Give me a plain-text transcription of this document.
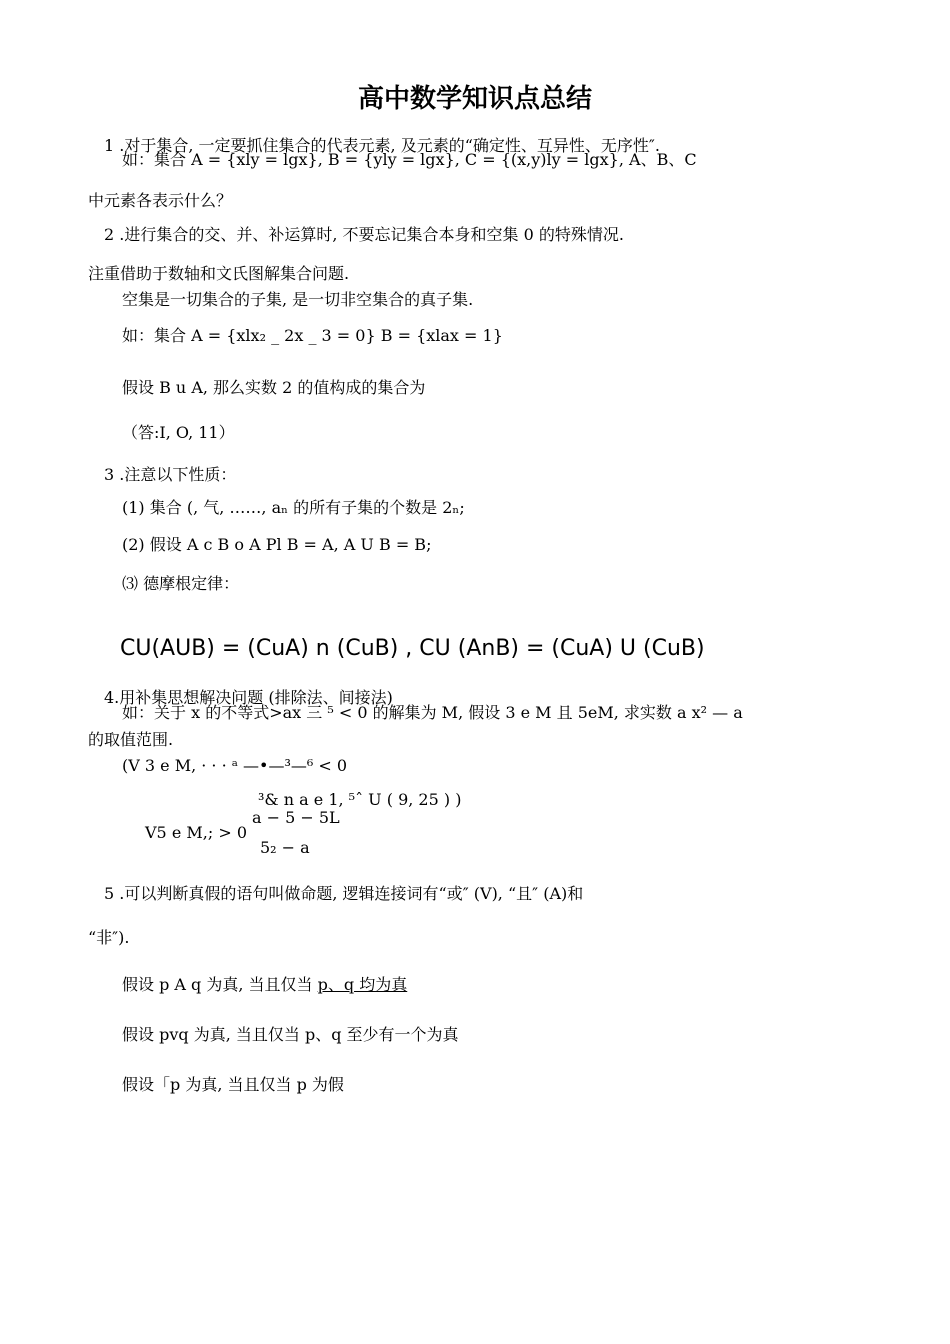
高中数学知识点总结
1 .对于集合, 一定要抓住集合的代表元素, 及元素的“确定性、互异性、无序性″.
如：集合 A = {xly = lgx}, B = {yly = lgx}, C = {(x,y)ly = lgx}, A、B、C
中元素各表示什么？
2 .进行集合的交、并、补运算时, 不要忘记集合本身和空集 0 的特殊情况.
注重借助于数轴和文氏图解集合问题.
空集是一切集合的子集, 是一切非空集合的真子集.
如：集合 A = {xlx₂ _ 2x _ 3 = 0} B = {xlax = 1}
假设 B u A, 那么实数 2 的值构成的集合为
（答:I, O, 11）
3 .注意以下性质：
(1) 集合 (, 气, ……, aₙ 的所有子集的个数是 2ₙ;
(2) 假设 A c B o A Pl B = A, A U B = B;
⑶ 德摩根定律：
CU(AUB) = (CuA) n (CuB) , CU (AnB) = (CuA) U (CuB)
4.用补集思想解决问题 (排除法、间接法)
如：关于 x 的不等式>ax 三 ⁵ < 0 的解集为 M, 假设 3 e M 且 5eM, 求实数 a x² — a
的取值范围.
(V 3 e M, · · · ᵃ —•—³—⁶ < 0
³& n a e 1, ⁵ˆ U ( 9, 25 ) )
a − 5 − 5L
V5 e M,; > 0
5₂ − a
5 .可以判断真假的语句叫做命题, 逻辑连接词有“或″ (V), “且″ (A)和
“非″).
假设 p A q 为真, 当且仅当 p、q 均为真
假设 pvq 为真, 当且仅当 p、q 至少有一个为真
假设「p 为真, 当且仅当 p 为假
